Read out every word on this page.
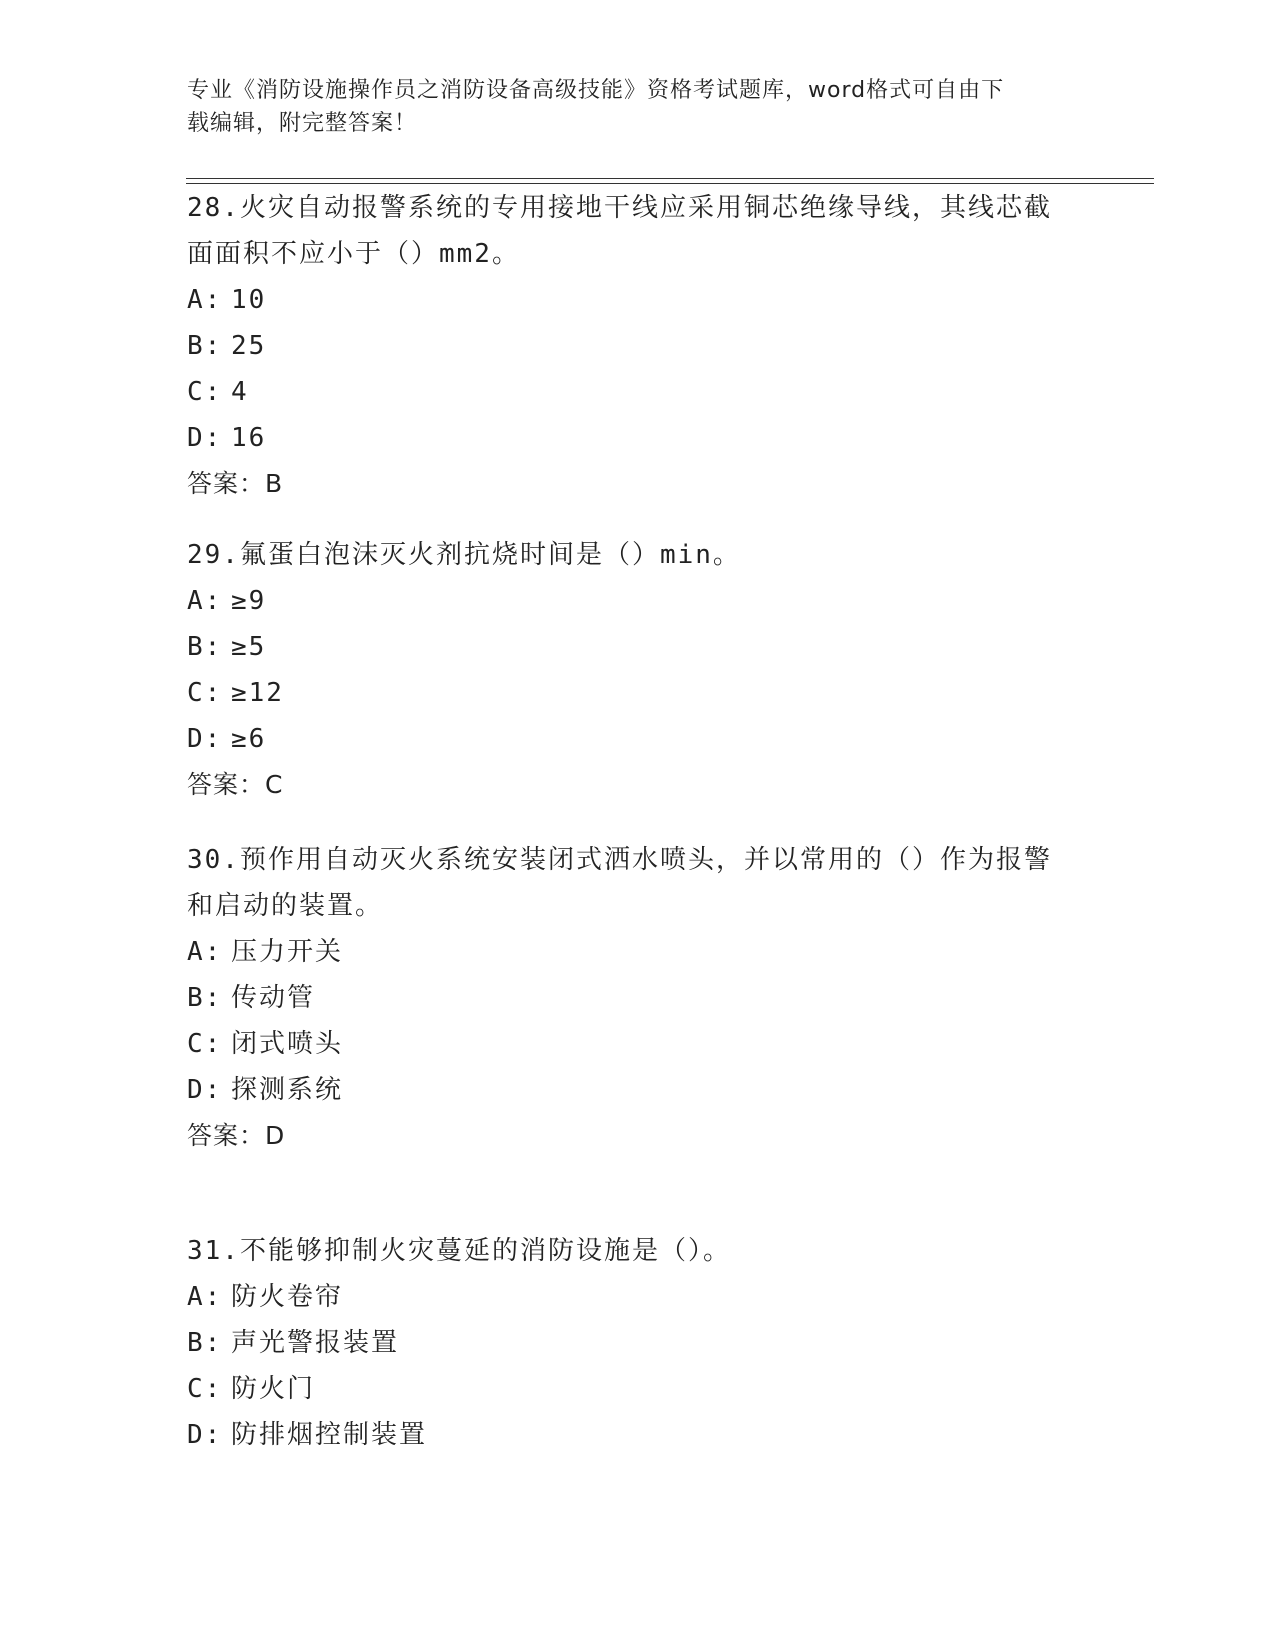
专业《消防设施操作员之消防设备高级技能》资格考试题库，word格式可自由下
载编辑，附完整答案！
28.火灾自动报警系统的专用接地干线应采用铜芯绝缘导线，其线芯截
面面积不应小于（）mm2。
A: 10
B: 25
C: 4
D: 16
答案：B
29.氟蛋白泡沫灭火剂抗烧时间是（）min。
A: ≥9
B: ≥5
C: ≥12
D: ≥6
答案：C
30.预作用自动灭火系统安装闭式洒水喷头，并以常用的（）作为报警
和启动的装置。
A: 压力开关
B: 传动管
C: 闭式喷头
D: 探测系统
答案：D
31.不能够抑制火灾蔓延的消防设施是（）。
A: 防火卷帘
B: 声光警报装置
C: 防火门
D: 防排烟控制装置
